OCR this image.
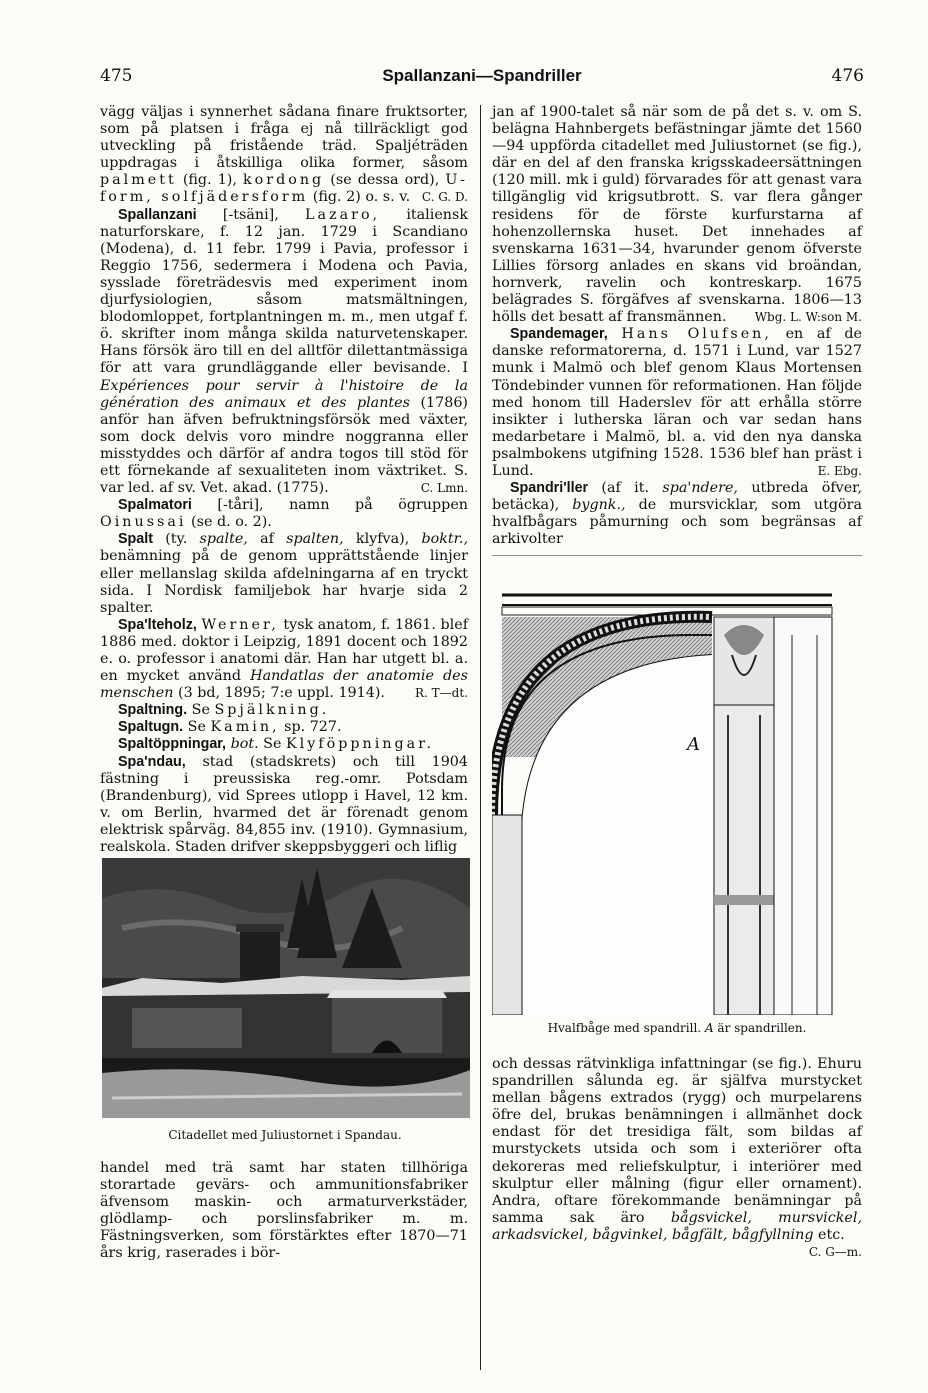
475	Spallanzani—Spandriller	476

vägg väljas i synnerhet sådana finare fruktsorter, som på platsen i fråga ej nå tillräckligt god utveckling på fristående träd. Spaljéträden uppdragas i åtskilliga olika former, såsom palmett (fig. 1), kordong (se dessa ord), U-form, solfjädersform (fig. 2) o. s. v. C. G. D.

Spallanzani [-tsäni], Lazaro, italiensk naturforskare, f. 12 jan. 1729 i Scandiano (Modena), d. 11 febr. 1799 i Pavia, professor i Reggio 1756, sedermera i Modena och Pavia, sysslade företrädesvis med experiment inom djurfysiologien, såsom matsmältningen, blodomloppet, fortplantningen m. m., men utgaf f. ö. skrifter inom många skilda naturvetenskaper. Hans försök äro till en del alltför dilettantmässiga för att vara grundläggande eller bevisande. I Expériences pour servir à l'histoire de la génération des animaux et des plantes (1786) anför han äfven befruktningsförsök med växter, som dock delvis voro mindre noggranna eller misstyddes och därför af andra togos till stöd för ett förnekande af sexualiteten inom växtriket. S. var led. af sv. Vet. akad. (1775).	C. Lmn.

Spalmatori [-tåri], namn på ögruppen Oinussai (se d. o. 2).

Spalt (ty. spalte, af spalten, klyfva), boktr., benämning på de genom upprättstående linjer eller mellanslag skilda afdelningarna af en tryckt sida. I Nordisk familjebok har hvarje sida 2 spalter.

Spa'lteholz, Werner, tysk anatom, f. 1861. blef 1886 med. doktor i Leipzig, 1891 docent och 1892 e. o. professor i anatomi där. Han har utgett bl. a. en mycket använd Handatlas der anatomie des menschen (3 bd, 1895; 7:e uppl. 1914).	R. T—dt.

Spaltning. Se Spjälkning.

Spaltugn. Se Kamin, sp. 727.

Spaltöppningar, bot. Se Klyföppningar.

Spa'ndau, stad (stadskrets) och till 1904 fästning i preussiska reg.-omr. Potsdam (Brandenburg), vid Sprees utlopp i Havel, 12 km. v. om Berlin, hvarmed det är förenadt genom elektrisk spårväg. 84,855 inv. (1910). Gymnasium, realskola. Staden drifver skeppsbyggeri och liflig

Citadellet med Juliustornet i Spandau.

handel med trä samt har staten tillhöriga storartade gevärs- och ammunitionsfabriker äfvensom maskin- och armaturverkstäder, glödlamp- och porslinsfabriker m. m. Fästningsverken, som förstärktes efter 1870—71 års krig, raserades i bör-

jan af 1900-talet så när som de på det s. v. om S. belägna Hahnbergets befästningar jämte det 1560—94 uppförda citadellet med Juliustornet (se fig.), där en del af den franska krigsskadeersättningen (120 mill. mk i guld) förvarades för att genast vara tillgänglig vid krigsutbrott. S. var flera gånger residens för de förste kurfurstarna af hohenzollernska huset. Det innehades af svenskarna 1631—34, hvarunder genom öfverste Lillies försorg anlades en skans vid broändan, hornverk, ravelin och kontreskarp. 1675 belägrades S. förgäfves af svenskarna. 1806—13 hölls det besatt af fransmännen.	Wbg. L. W:son M.

Spandemager, Hans Olufsen, en af de danske reformatorerna, d. 1571 i Lund, var 1527 munk i Malmö och blef genom Klaus Mortensen Töndebinder vunnen för reformationen. Han följde med honom till Haderslev för att erhålla större insikter i lutherska läran och var sedan hans medarbetare i Malmö, bl. a. vid den nya danska psalmbokens utgifning 1528. 1536 blef han präst i Lund.	E. Ebg.

Spandri'ller (af it. spa'ndere, utbreda öfver, betäcka), bygnk., de mursvicklar, som utgöra hvalfbågars påmurning och som begränsas af arkivolter

A
Hvalfbåge med spandrill. A är spandrillen.

och dessas rätvinkliga infattningar (se fig.). Ehuru spandrillen sålunda eg. är själfva murstycket mellan bågens extrados (rygg) och murpelarens öfre del, brukas benämningen i allmänhet dock endast för det tresidiga fält, som bildas af murstyckets utsida och som i exteriörer ofta dekoreras med reliefskulptur, i interiörer med skulptur eller målning (figur eller ornament). Andra, oftare förekommande benämningar på samma sak äro bågsvickel, mursvickel, arkadsvickel, bågvinkel, bågfält, bågfyllning etc.
C. G—m.
